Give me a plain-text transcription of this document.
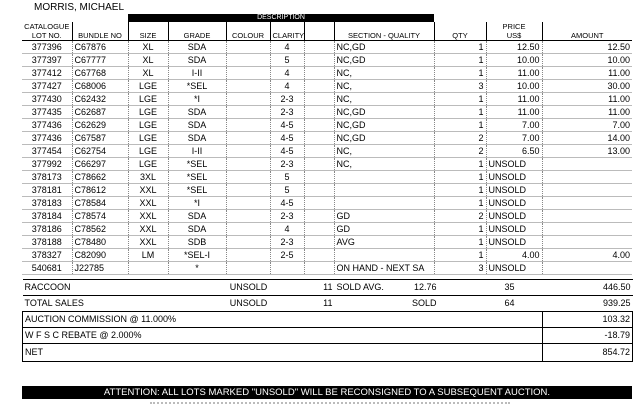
MORRIS, MICHAEL
		DESCRIPTION								
CATALOGUE LOT NO.	BUNDLE NO	SIZE	GRADE	COLOUR	CLARITY		SECTION - QUALITY	QTY	PRICE
US$	AMOUNT
377396	C67876	XL	SDA		4		NC,GD	1	12.50	12.50
377397	C67777	XL	SDA		5		NC,GD	1	10.00	10.00
377412	C67768	XL	I-II		4		NC,	1	11.00	11.00
377427	C68006	LGE	*SEL		4		NC,	3	10.00	30.00
377430	C62432	LGE	*I		2-3		NC,	1	11.00	11.00
377435	C62687	LGE	SDA		2-3		NC,GD	1	11.00	11.00
377436	C62629	LGE	SDA		4-5		NC,GD	1	7.00	7.00
377436	C67587	LGE	SDA		4-5		NC,GD	2	7.00	14.00
377454	C62754	LGE	I-II		4-5		NC,	2	6.50	13.00
377992	C66297	LGE	*SEL		2-3		NC,	1	UNSOLD	
378173	C78662	3XL	*SEL		5			1	UNSOLD	
378181	C78612	XXL	*SEL		5			1	UNSOLD	
378183	C78584	XXL	*I		4-5			1	UNSOLD	
378184	C78574	XXL	SDA		2-3		GD	2	UNSOLD	
378186	C78562	XXL	SDA		4		GD	1	UNSOLD	
378188	C78480	XXL	SDB		2-3		AVG	1	UNSOLD	
378327	C82090	LM	*SEL-I		2-5			1	4.00	4.00
540681	J22785		*				ON HAND - NEXT SA	3	UNSOLD	
RACCOON		UNSOLD	11	SOLD AVG.	12.76		35		446.50
TOTAL SALES		UNSOLD	11		SOLD		64		939.25
AUCTION COMMISSION @ 11.000%									103.32
W F S C REBATE @ 2.000%									-18.79
NET									854.72
ATTENTION: ALL LOTS MARKED "UNSOLD" WILL BE RECONSIGNED TO A SUBSEQUENT AUCTION.
